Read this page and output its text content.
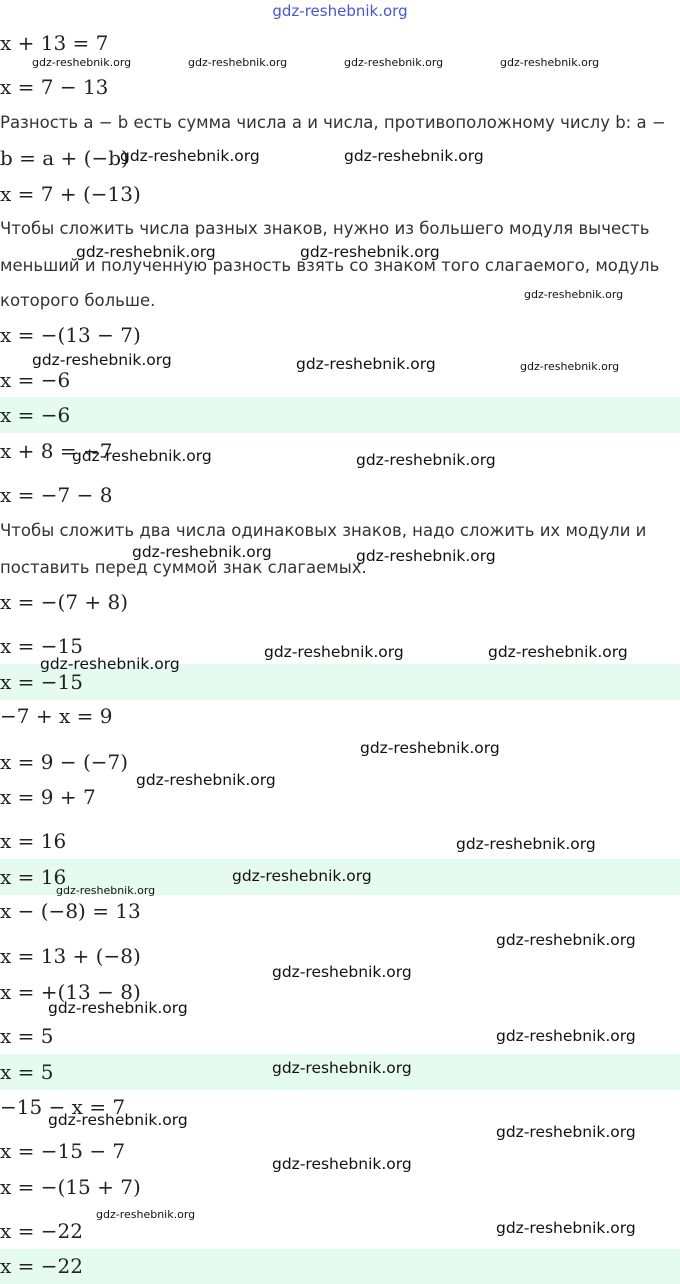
gdz-reshebnik.org
x + 13 = 7
x = 7 − 13
Разность a − b есть сумма числа a и числа, противоположному числу b: a −
b = a + (−b)
x = 7 + (−13)
Чтобы сложить числа разных знаков, нужно из большего модуля вычесть
меньший и полученную разность взять со знаком того слагаемого, модуль
которого больше.
x = −(13 − 7)
x = −6
x = −6
x + 8 = −7
x = −7 − 8
Чтобы сложить два числа одинаковых знаков, надо сложить их модули и
поставить перед суммой знак слагаемых.
x = −(7 + 8)
x = −15
x = −15
−7 + x = 9
x = 9 − (−7)
x = 9 + 7
x = 16
x = 16
x − (−8) = 13
x = 13 + (−8)
x = +(13 − 8)
x = 5
x = 5
−15 − x = 7
x = −15 − 7
x = −(15 + 7)
x = −22
x = −22
gdz-reshebnik.org	gdz-reshebnik.org	gdz-reshebnik.org	gdz-reshebnik.org
gdz-reshebnik.org	gdz-reshebnik.org
gdz-reshebnik.org	gdz-reshebnik.org
gdz-reshebnik.org
gdz-reshebnik.org	gdz-reshebnik.org	gdz-reshebnik.org
gdz-reshebnik.org	gdz-reshebnik.org
gdz-reshebnik.org	gdz-reshebnik.org
gdz-reshebnik.org	gdz-reshebnik.org
gdz-reshebnik.org
gdz-reshebnik.org
gdz-reshebnik.org
gdz-reshebnik.org
gdz-reshebnik.org
gdz-reshebnik.org
gdz-reshebnik.org
gdz-reshebnik.org
gdz-reshebnik.org
gdz-reshebnik.org
gdz-reshebnik.org
gdz-reshebnik.org
gdz-reshebnik.org
gdz-reshebnik.org
gdz-reshebnik.org
gdz-reshebnik.org
